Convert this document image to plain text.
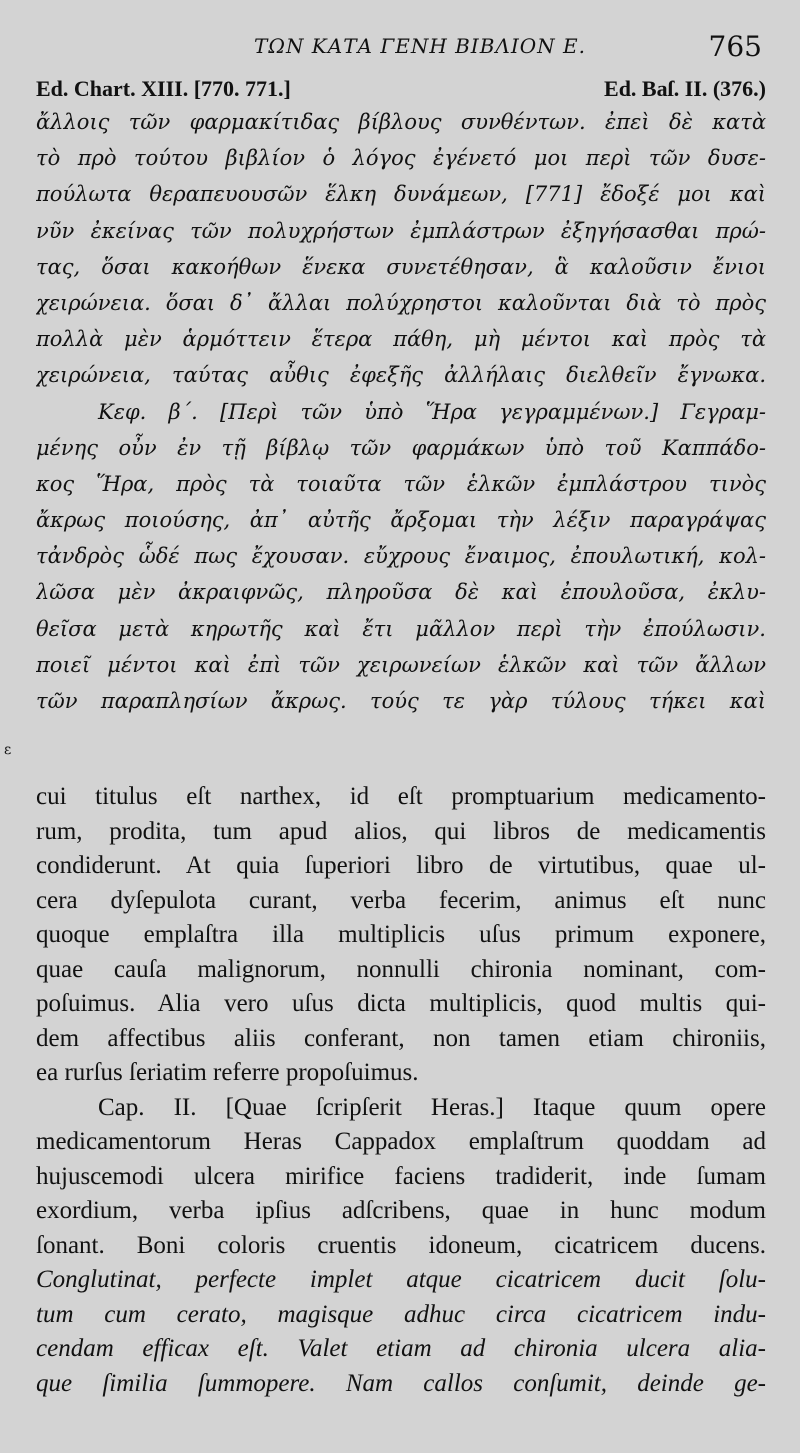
ΤΩΝ ΚΑΤΑ ΓΕΝΗ ΒΙΒΛΙΟΝ Ε.	765
Ed. Chart. XIII. [770. 771.]	Ed. Baſ. II. (376.)
ἄλλοις τῶν φαρμακίτιδας βίβλους συνθέντων. ἐπεὶ δὲ κατὰ
τὸ πρὸ τούτου βιβλίον ὁ λόγος ἐγένετό μοι περὶ τῶν δυσε-
πούλωτα θεραπευουσῶν ἕλκη δυνάμεων, [771] ἔδοξέ μοι καὶ
νῦν ἐκείνας τῶν πολυχρήστων ἐμπλάστρων ἐξηγήσασθαι πρώ-
τας, ὅσαι κακοήθων ἕνεκα συνετέθησαν, ἃ καλοῦσιν ἔνιοι
χειρώνεια. ὅσαι δ᾽ ἄλλαι πολύχρηστοι καλοῦνται διὰ τὸ πρὸς
πολλὰ μὲν ἁρμόττειν ἕτερα πάθη, μὴ μέντοι καὶ πρὸς τὰ
χειρώνεια, ταύτας αὖθις ἐφεξῆς ἀλλήλαις διελθεῖν ἔγνωκα.
Κεφ. β΄. [Περὶ τῶν ὑπὸ Ἥρα γεγραμμένων.] Γεγραμ-
μένης οὖν ἐν τῇ βίβλῳ τῶν φαρμάκων ὑπὸ τοῦ Καππάδο-
κος Ἥρα, πρὸς τὰ τοιαῦτα τῶν ἑλκῶν ἐμπλάστρου τινὸς
ἄκρως ποιούσης, ἀπ᾽ αὐτῆς ἄρξομαι τὴν λέξιν παραγράψας
τἀνδρὸς ὧδέ πως ἔχουσαν. εὔχρους ἔναιμος, ἐπουλωτική, κολ-
λῶσα μὲν ἀκραιφνῶς, πληροῦσα δὲ καὶ ἐπουλοῦσα, ἐκλυ-
θεῖσα μετὰ κηρωτῆς καὶ ἔτι μᾶλλον περὶ τὴν ἐπούλωσιν.
ποιεῖ μέντοι καὶ ἐπὶ τῶν χειρωνείων ἑλκῶν καὶ τῶν ἄλλων
τῶν παραπλησίων ἄκρως. τούς τε γὰρ τύλους τήκει καὶ
ε
cui titulus eſt narthex, id eſt promptuarium medicamento-
rum, prodita, tum apud alios, qui libros de medicamentis
condiderunt. At quia ſuperiori libro de virtutibus, quae ul-
cera dyſepulota curant, verba fecerim, animus eſt nunc
quoque emplaſtra illa multiplicis uſus primum exponere,
quae cauſa malignorum, nonnulli chironia nominant, com-
poſuimus. Alia vero uſus dicta multiplicis, quod multis qui-
dem affectibus aliis conferant, non tamen etiam chironiis,
ea rurſus ſeriatim referre propoſuimus.
Cap. II. [Quae ſcripſerit Heras.] Itaque quum opere
medicamentorum Heras Cappadox emplaſtrum quoddam ad
hujuscemodi ulcera mirifice faciens tradiderit, inde ſumam
exordium, verba ipſius adſcribens, quae in hunc modum
ſonant. Boni coloris cruentis idoneum, cicatricem ducens.
Conglutinat, perfecte implet atque cicatricem ducit ſolu-
tum cum cerato, magisque adhuc circa cicatricem indu-
cendam efficax eſt. Valet etiam ad chironia ulcera alia-
que ſimilia ſummopere. Nam callos conſumit, deinde ge-
